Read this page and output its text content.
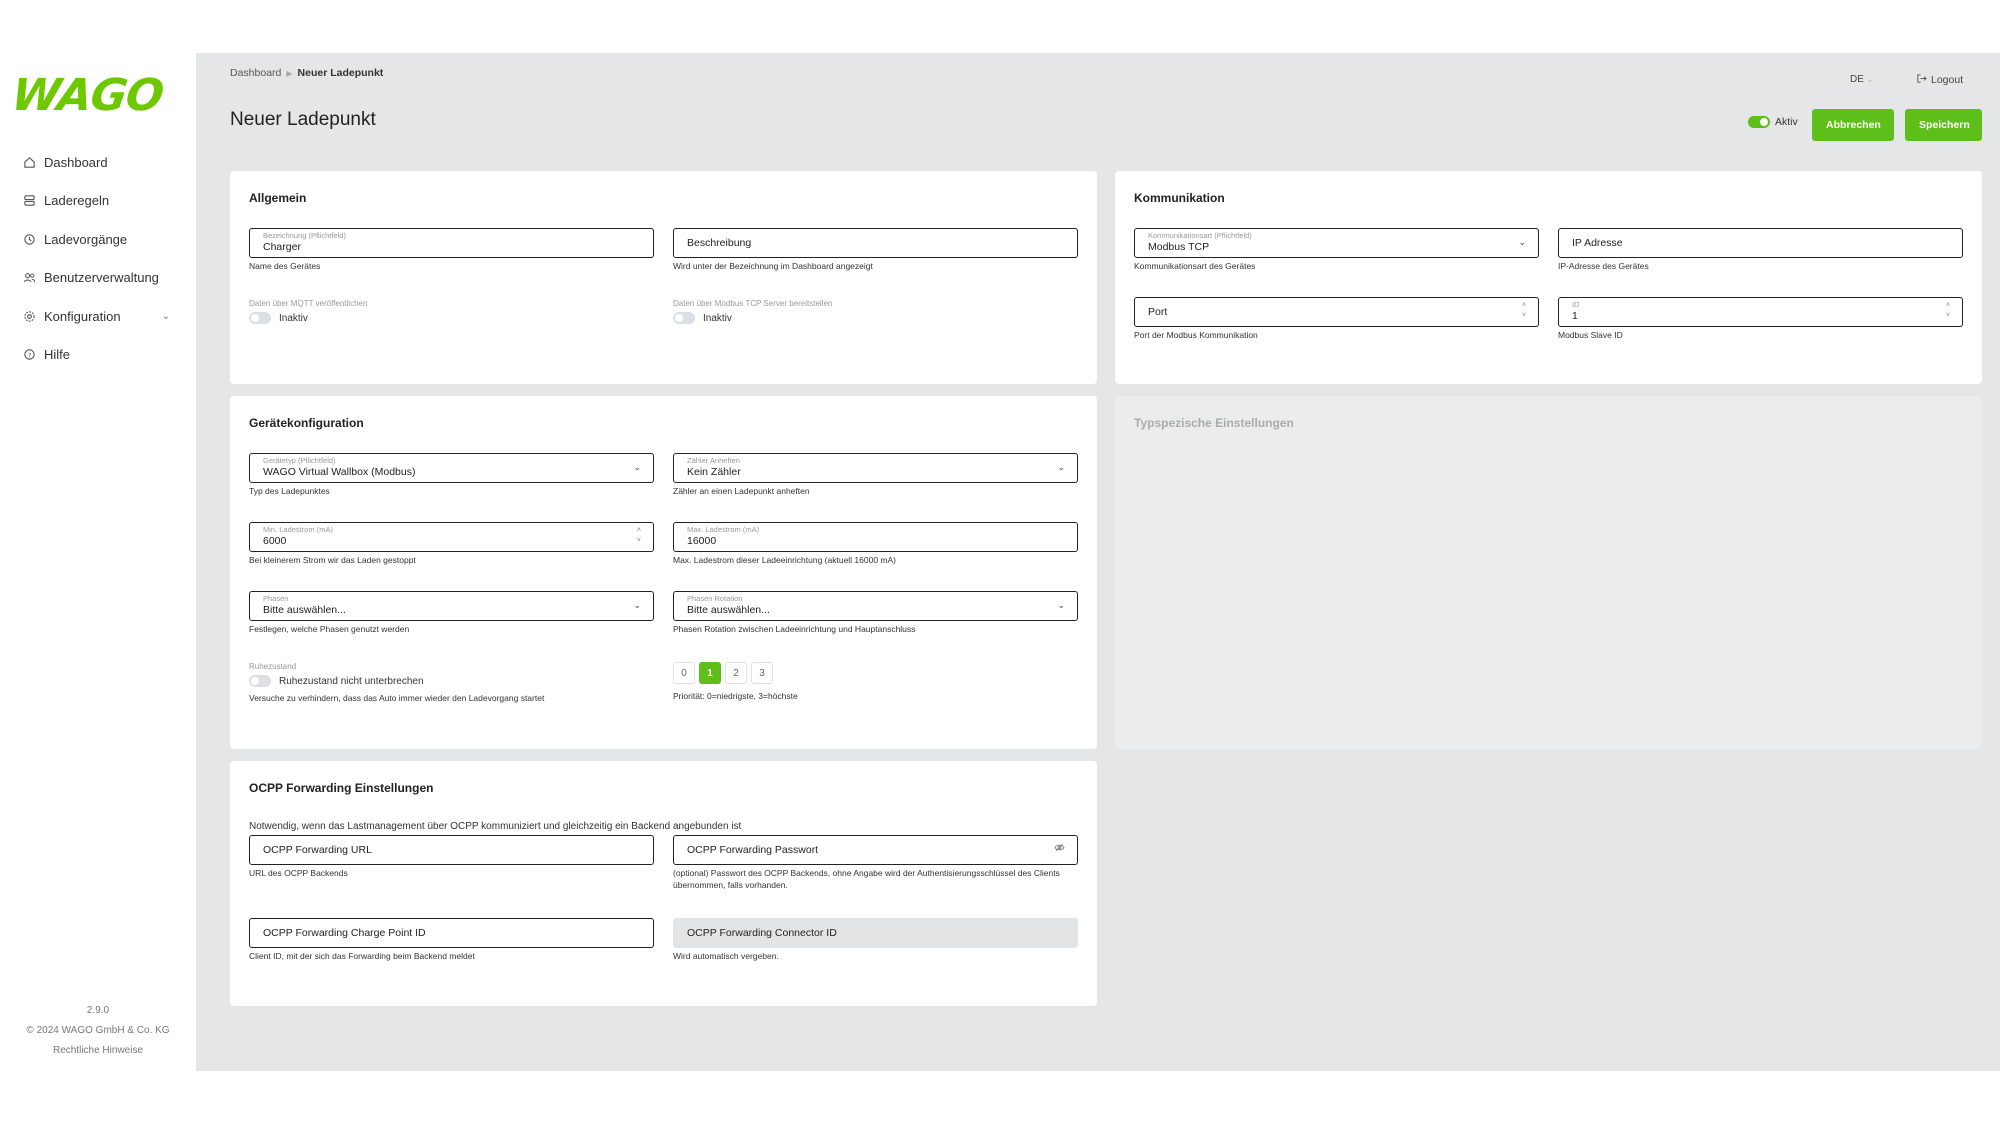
WAGO
Dashboard
Laderegeln
Ladevorgänge
Benutzerverwaltung
Konfiguration	⌄
? Hilfe
2.9.0
© 2024 WAGO GmbH & Co. KG
Rechtliche Hinweise
Dashboard ▶ Neuer Ladepunkt
Neuer Ladepunkt
DE ⌄	Logout
Aktiv	Abbrechen	Speichern
Allgemein
Bezeichnung (Pflichtfeld)
Charger
Name des Gerätes
Beschreibung
Wird unter der Bezeichnung im Dashboard angezeigt
Daten über MQTT veröffentlichen
Inaktiv
Daten über Modbus TCP Server bereitstellen
Inaktiv
Kommunikation
Kommunikationsart (Pflichtfeld)
Modbus TCP	⌄
Kommunikationsart des Gerätes
IP Adresse
IP-Adresse des Gerätes
Port
˄
˅
Port der Modbus Kommunikation
ID
1
˄
˅
Modbus Slave ID
Gerätekonfiguration
Gerätetyp (Pflichtfeld)
WAGO Virtual Wallbox (Modbus)	⌄
Typ des Ladepunktes
Zähler Anheften
Kein Zähler	⌄
Zähler an einen Ladepunkt anheften
Min. Ladestrom (mA)
6000
˄
˅
Bei kleinerem Strom wir das Laden gestoppt
Max. Ladestrom (mA)
16000
Max. Ladestrom dieser Ladeeinrichtung (aktuell 16000 mA)
Phasen
Bitte auswählen...	⌄
Festlegen, welche Phasen genutzt werden
Phasen Rotation
Bitte auswählen...	⌄
Phasen Rotation zwischen Ladeeinrichtung und Hauptanschluss
Ruhezustand
Ruhezustand nicht unterbrechen
Versuche zu verhindern, dass das Auto immer wieder den Ladevorgang startet
0	1	2	3
Priorität: 0=niedrigste, 3=höchste
Typspezische Einstellungen
OCPP Forwarding Einstellungen
Notwendig, wenn das Lastmanagement über OCPP kommuniziert und gleichzeitig ein Backend angebunden ist
OCPP Forwarding URL
URL des OCPP Backends
OCPP Forwarding Passwort
(optional) Passwort des OCPP Backends, ohne Angabe wird der Authentisierungsschlüssel des Clients übernommen, falls vorhanden.
OCPP Forwarding Charge Point ID
Client ID, mit der sich das Forwarding beim Backend meldet
OCPP Forwarding Connector ID
Wird automatisch vergeben.
